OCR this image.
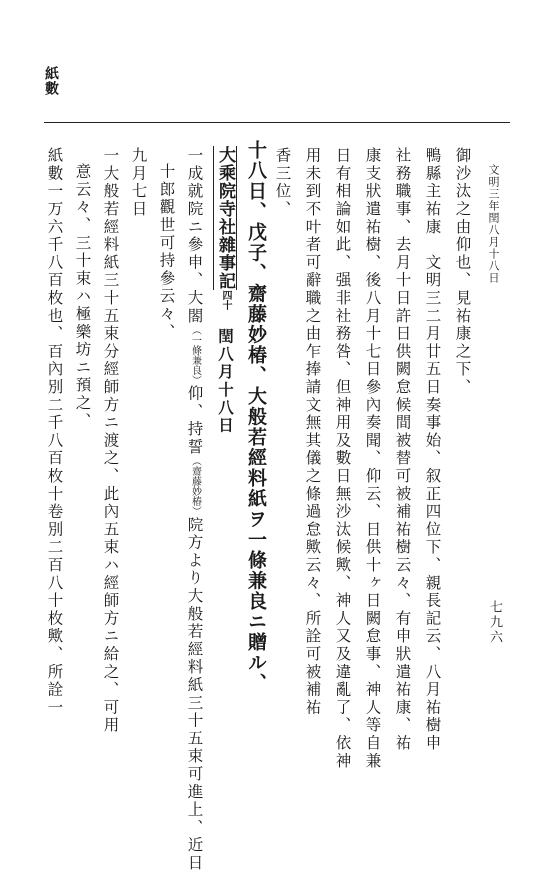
紙數
文明三年閏八月十八日
七九六
御沙汰之由仰也、見祐康之下、
鴨縣主祐康　文明三二月廿五日奏事始、叙正四位下、親長記云、八月祐樹申
社務職事、去月十日許日供闕怠候間被替可被補祐樹云々、有申狀遣祐康、祐
康支狀遣祐樹、後八月十七日參內奏聞、仰云、日供十ヶ日闕怠事、神人等自兼
日有相論如此、强非社務咎、但神用及數日無沙汰候歟、神人又及違亂了、依神
用未到不叶者可辭職之由乍捧請文無其儀之條過怠歟云々、所詮可被補祐
香三位、
十八日、戊子、齋藤妙椿、大般若經料紙ヲ一條兼良ニ贈ル、
大乘院寺社雜事記四十　閏八月十八日
一成就院ニ參申、大閤（一條兼良）仰、持誓（齋藤妙椿）院方より大般若經料紙三十五束可進上、近日
十郎觀世可持參云々、
九月七日
一大般若經料紙三十五束分經師方ニ渡之、此內五束ハ經師方ニ給之、可用
意云々、三十束ハ極樂坊ニ預之、
紙數一万六千八百枚也、百內別二千八百枚十卷別二百八十枚歟、所詮一
